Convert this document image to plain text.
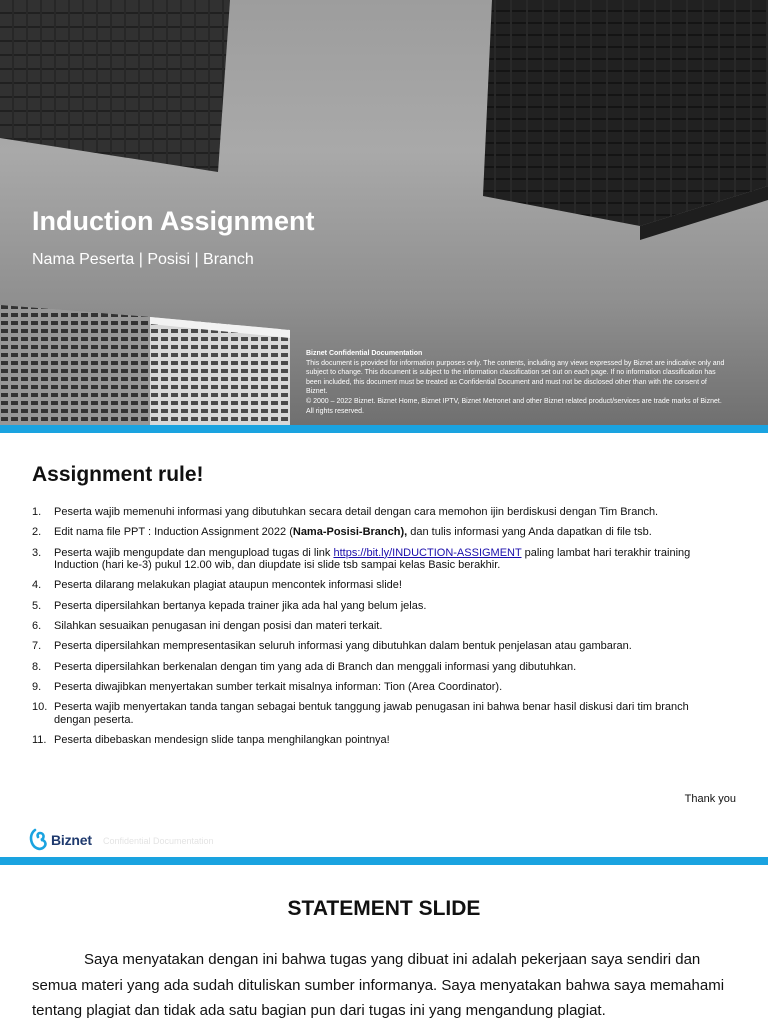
Induction Assignment
Nama Peserta | Posisi | Branch
Biznet Confidential Documentation
This document is provided for information purposes only. The contents, including any views expressed by Biznet are indicative only and subject to change. This document is subject to the information classification set out on each page. If no information classification has been included, this document must be treated as Confidential Document and must not be disclosed other than with the consent of Biznet.
© 2000 – 2022 Biznet. Biznet Home, Biznet IPTV, Biznet Metronet and other Biznet related product/services are trade marks of Biznet. All rights reserved.
Assignment rule!
1.	Peserta wajib memenuhi informasi yang dibutuhkan secara detail dengan cara memohon ijin berdiskusi dengan Tim Branch.
2.	Edit nama file PPT : Induction Assignment 2022 (Nama-Posisi-Branch), dan tulis informasi yang Anda dapatkan di file tsb.
3.	Peserta wajib mengupdate dan mengupload tugas di link https://bit.ly/INDUCTION-ASSIGMENT paling lambat hari terakhir training Induction (hari ke-3) pukul 12.00 wib, dan diupdate isi slide tsb sampai kelas Basic berakhir.
4.	Peserta dilarang melakukan plagiat ataupun mencontek informasi slide!
5.	Peserta dipersilahkan bertanya kepada trainer jika ada hal yang belum jelas.
6.	Silahkan sesuaikan penugasan ini dengan posisi dan materi terkait.
7.	Peserta dipersilahkan mempresentasikan seluruh informasi yang dibutuhkan dalam bentuk penjelasan atau gambaran.
8.	Peserta dipersilahkan berkenalan dengan tim yang ada di Branch dan menggali informasi yang dibutuhkan.
9.	Peserta diwajibkan menyertakan sumber terkait misalnya informan: Tion (Area Coordinator).
10. Peserta wajib menyertakan tanda tangan sebagai bentuk tanggung jawab penugasan ini bahwa benar hasil diskusi dari tim branch dengan peserta.
11. Peserta dibebaskan mendesign slide tanpa menghilangkan pointnya!
Thank you
Biznet Confidential Documentation
STATEMENT SLIDE

Saya menyatakan dengan ini bahwa tugas yang dibuat ini adalah pekerjaan saya sendiri dan semua materi yang ada sudah dituliskan sumber informanya. Saya menyatakan bahwa saya memahami tentang plagiat dan tidak ada satu bagian pun dari tugas ini yang mengandung plagiat.
